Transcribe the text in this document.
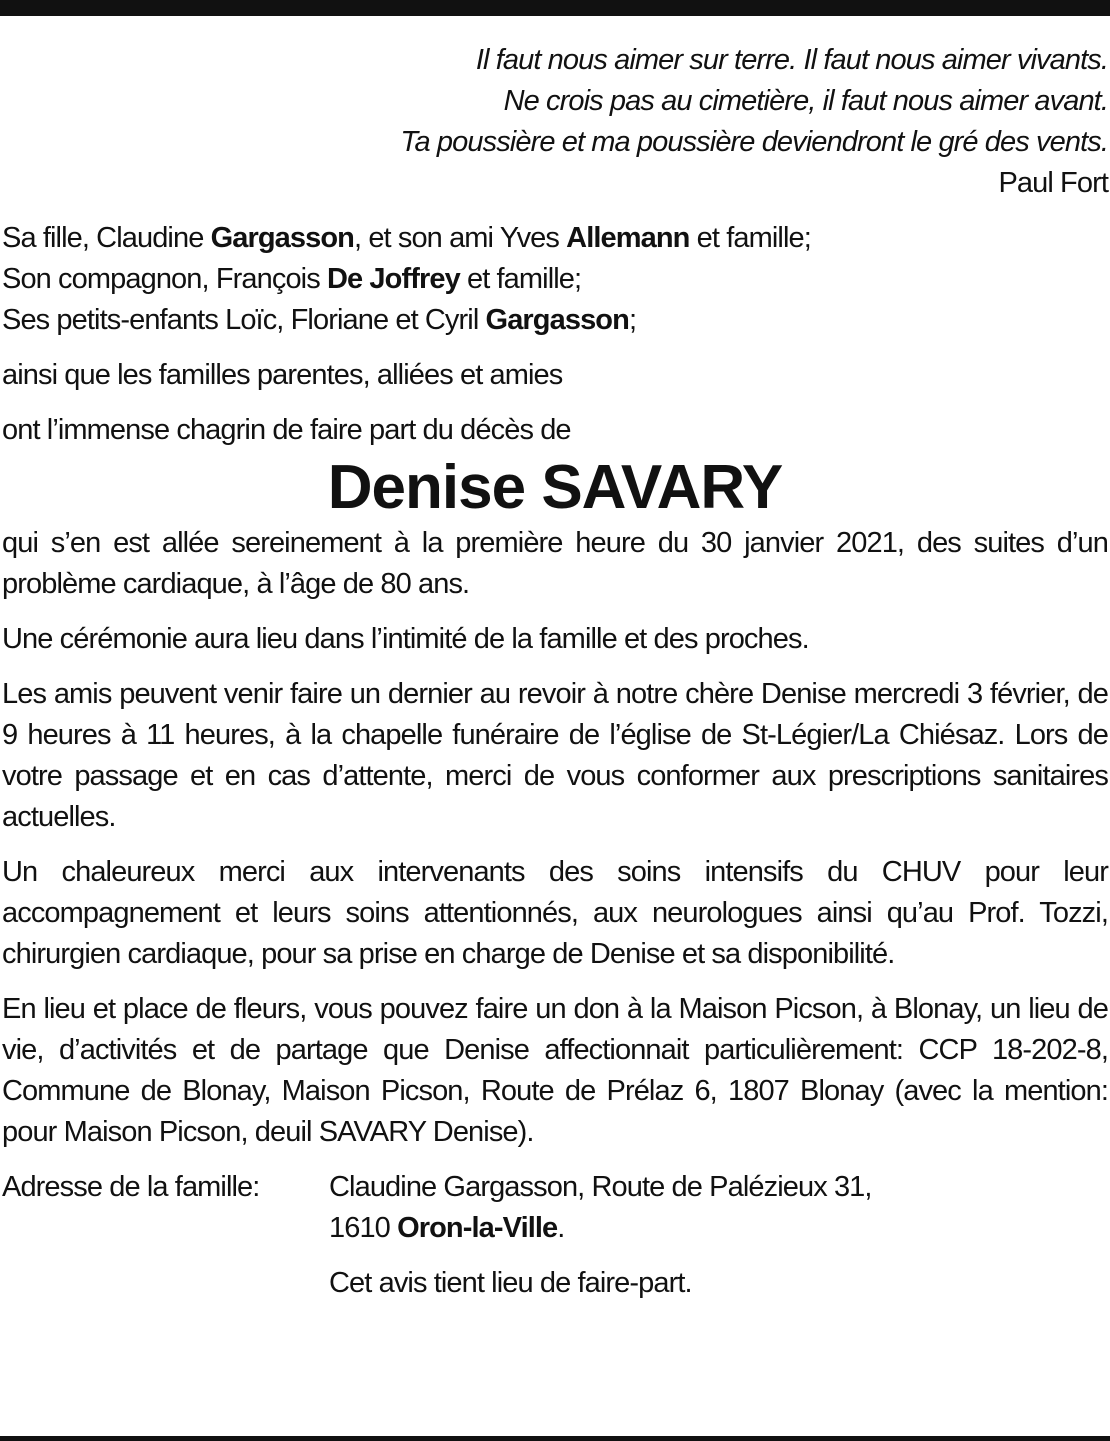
Il faut nous aimer sur terre. Il faut nous aimer vivants.
Ne crois pas au cimetière, il faut nous aimer avant.
Ta poussière et ma poussière deviendront le gré des vents.
Paul Fort
Sa fille, Claudine Gargasson, et son ami Yves Allemann et famille;
Son compagnon, François De Joffrey et famille;
Ses petits-enfants Loïc, Floriane et Cyril Gargasson;
ainsi que les familles parentes, alliées et amies
ont l’immense chagrin de faire part du décès de
Denise SAVARY
qui s’en est allée sereinement à la première heure du 30 janvier 2021, des suites d’un problème cardiaque, à l’âge de 80 ans.
Une cérémonie aura lieu dans l’intimité de la famille et des proches.
Les amis peuvent venir faire un dernier au revoir à notre chère Denise mercredi 3 février, de 9 heures à 11 heures, à la chapelle funéraire de l’église de St-Légier/La Chiésaz. Lors de votre passage et en cas d’attente, merci de vous conformer aux prescriptions sanitaires actuelles.
Un chaleureux merci aux intervenants des soins intensifs du CHUV pour leur accompagnement et leurs soins attentionnés, aux neurologues ainsi qu’au Prof. Tozzi, chirurgien cardiaque, pour sa prise en charge de Denise et sa disponibilité.
En lieu et place de fleurs, vous pouvez faire un don à la Maison Picson, à Blonay, un lieu de vie, d’activités et de partage que Denise affectionnait particulièrement: CCP 18-202-8, Commune de Blonay, Maison Picson, Route de Prélaz 6, 1807 Blonay (avec la mention: pour Maison Picson, deuil SAVARY Denise).
Adresse de la famille:	Claudine Gargasson, Route de Palézieux 31,
1610 Oron-la-Ville.
Cet avis tient lieu de faire-part.
